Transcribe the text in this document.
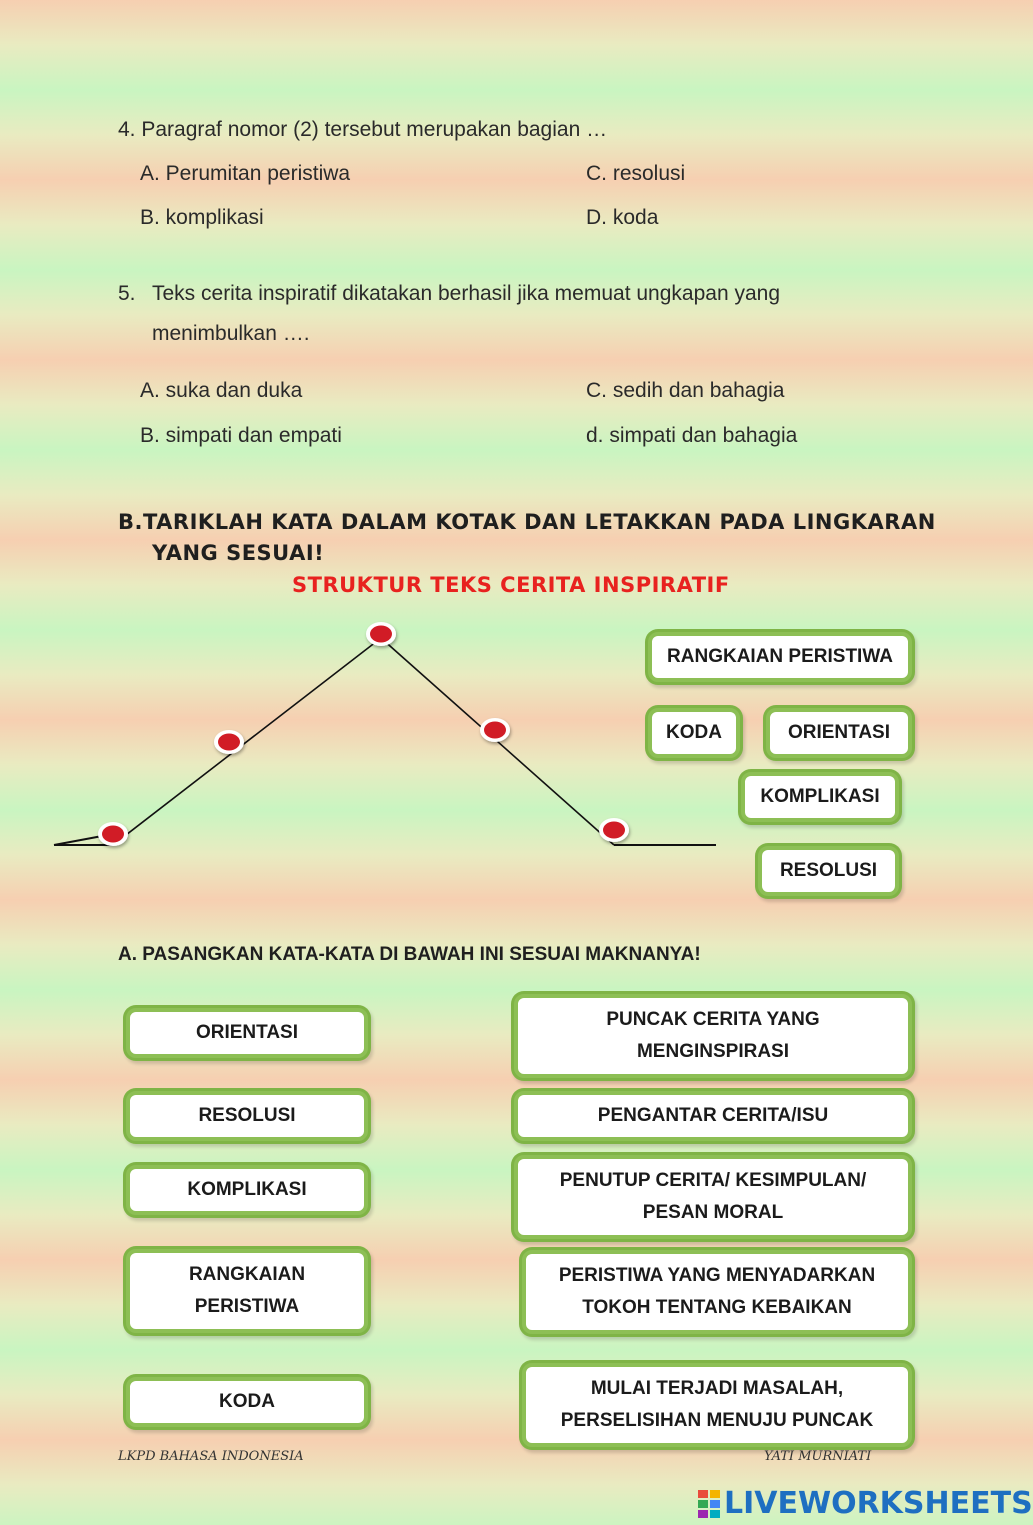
4. Paragraf nomor (2) tersebut merupakan bagian …
A. Perumitan peristiwa
B. komplikasi
C. resolusi
D. koda
5. Teks cerita inspiratif dikatakan berhasil jika memuat ungkapan yang
menimbulkan ….
A. suka dan duka
B. simpati dan empati
C. sedih dan bahagia
d. simpati dan bahagia
B.TARIKLAH KATA DALAM KOTAK DAN LETAKKAN PADA LINGKARAN
YANG SESUAI!
STRUKTUR TEKS CERITA INSPIRATIF
RANGKAIAN PERISTIWA
KODA	ORIENTASI
KOMPLIKASI
RESOLUSI
A. PASANGKAN KATA-KATA DI BAWAH INI SESUAI MAKNANYA!
ORIENTASI
RESOLUSI
KOMPLIKASI
RANGKAIAN
PERISTIWA
KODA
PUNCAK CERITA YANG
MENGINSPIRASI
PENGANTAR CERITA/ISU
PENUTUP CERITA/ KESIMPULAN/
PESAN MORAL
PERISTIWA YANG MENYADARKAN
TOKOH TENTANG KEBAIKAN
MULAI TERJADI MASALAH,
PERSELISIHAN MENUJU PUNCAK
LKPD BAHASA INDONESIA	YATI MURNIATI
LIVEWORKSHEETS
